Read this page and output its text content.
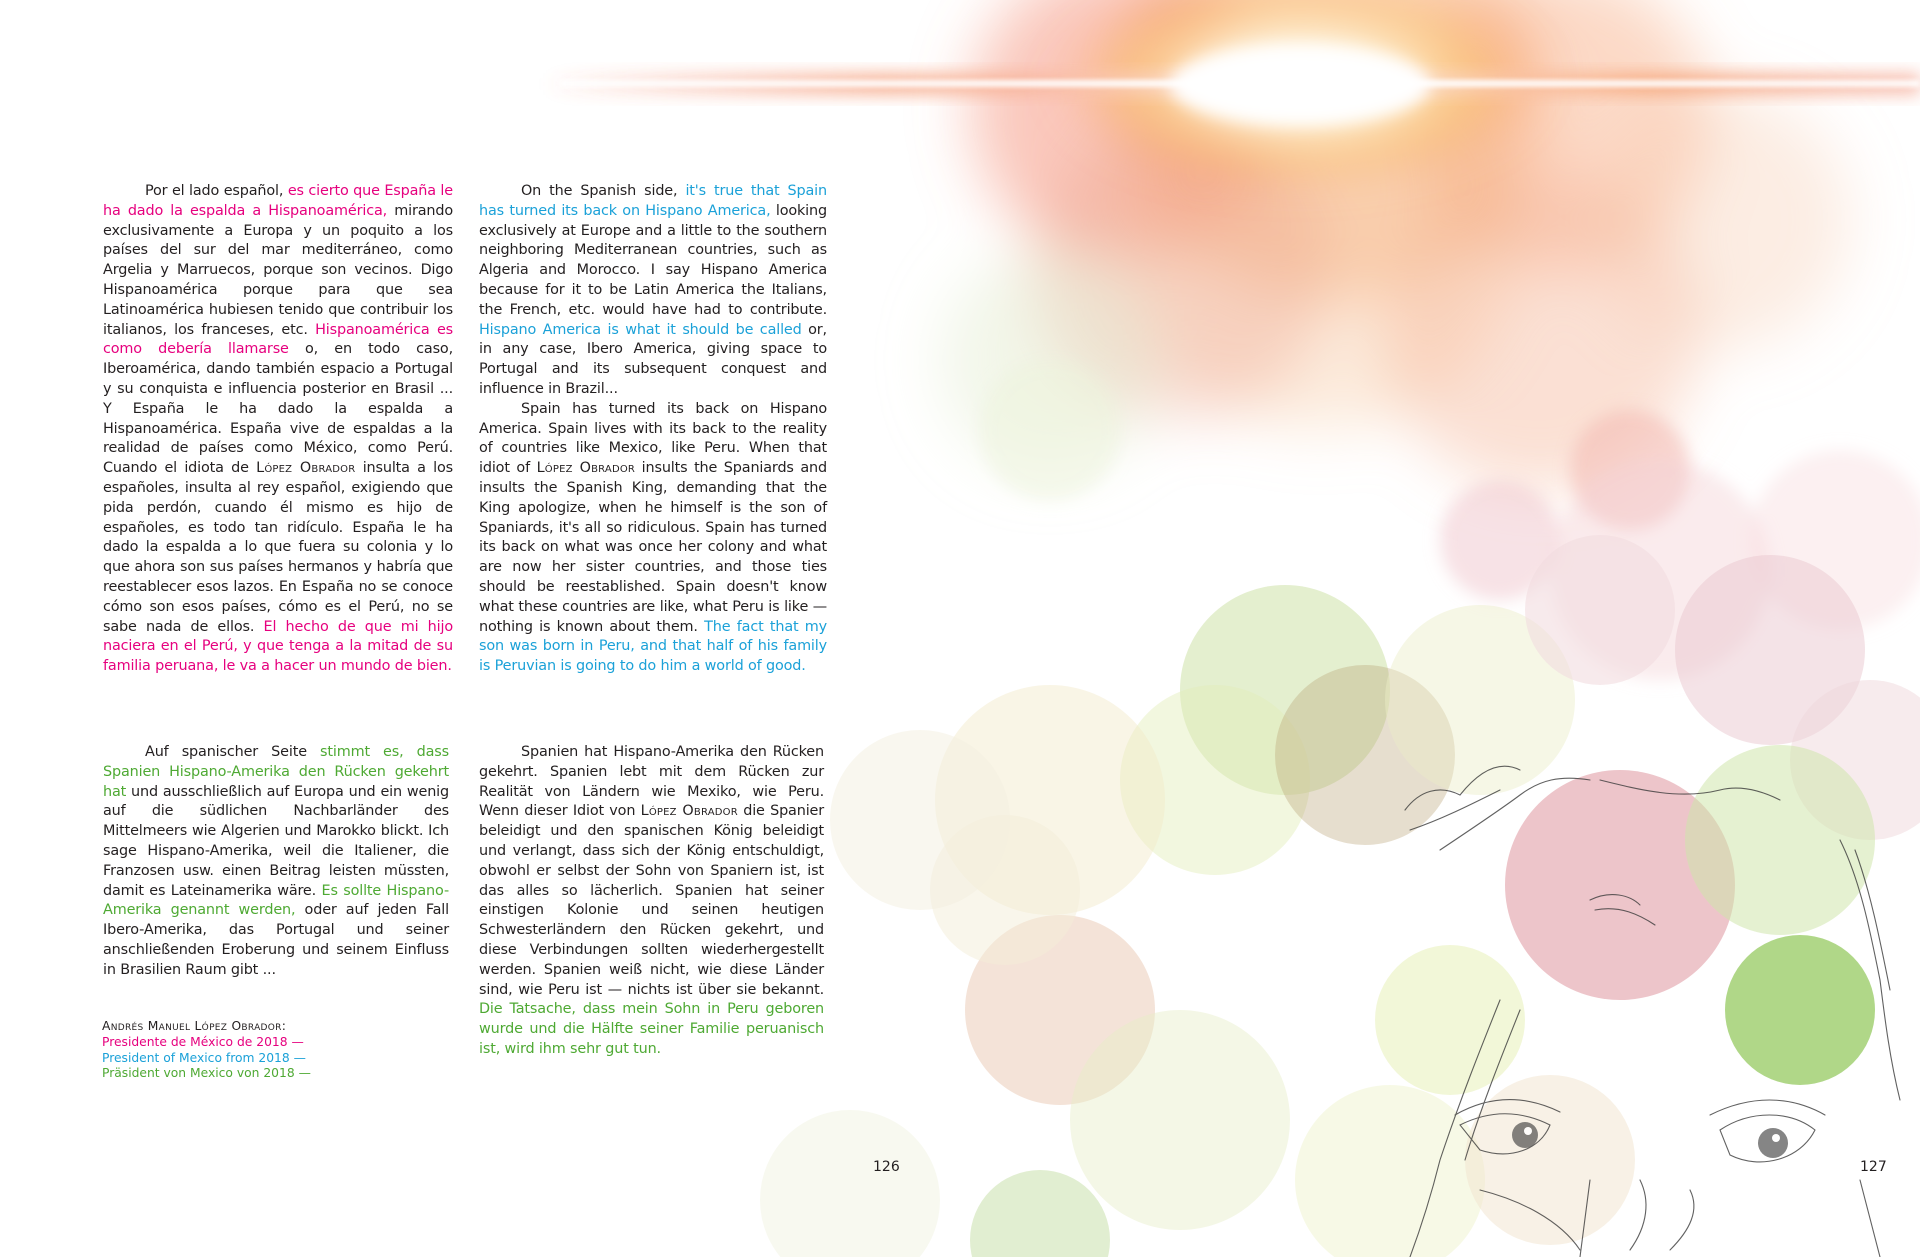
Por el lado español, es cierto que España le ha dado la espalda a Hispanoamérica, mirando exclusivamente a Europa y un poquito a los países del sur del mar mediterráneo, como Argelia y Marruecos, porque son vecinos. Digo Hispanoamérica porque para que sea Latinoamérica hubiesen tenido que contribuir los italianos, los franceses, etc. Hispanoamérica es como debería llamarse o, en todo caso, Iberoamérica, dando también espacio a Portugal y su conquista e influencia posterior en Brasil ... Y España le ha dado la espalda a Hispanoamérica. España vive de espaldas a la realidad de países como México, como Perú. Cuando el idiota de López Obrador insulta a los españoles, insulta al rey español, exigiendo que pida perdón, cuando él mismo es hijo de españoles, es todo tan ridículo. España le ha dado la espalda a lo que fuera su colonia y lo que ahora son sus países hermanos y habría que reestablecer esos lazos. En España no se conoce cómo son esos países, cómo es el Perú, no se sabe nada de ellos. El hecho de que mi hijo naciera en el Perú, y que tenga a la mitad de su familia peruana, le va a hacer un mundo de bien.

On the Spanish side, it's true that Spain has turned its back on Hispano America, looking exclusively at Europe and a little to the southern neighboring Mediterranean countries, such as Algeria and Morocco. I say Hispano America because for it to be Latin America the Italians, the French, etc. would have had to contribute. Hispano America is what it should be called or, in any case, Ibero America, giving space to Portugal and its subsequent conquest and influence in Brazil...

Spain has turned its back on Hispano America. Spain lives with its back to the reality of countries like Mexico, like Peru. When that idiot of López Obrador insults the Spaniards and insults the Spanish King, demanding that the King apologize, when he himself is the son of Spaniards, it's all so ridiculous. Spain has turned its back on what was once her colony and what are now her sister countries, and those ties should be reestablished. Spain doesn't know what these countries are like, what Peru is like — nothing is known about them. The fact that my son was born in Peru, and that half of his family is Peruvian is going to do him a world of good.

Auf spanischer Seite stimmt es, dass Spanien Hispano-Amerika den Rücken gekehrt hat und ausschließlich auf Europa und ein wenig auf die südlichen Nachbarländer des Mittelmeers wie Algerien und Marokko blickt. Ich sage Hispano-Amerika, weil die Italiener, die Franzosen usw. einen Beitrag leisten müssten, damit es Lateinamerika wäre. Es sollte Hispano-Amerika genannt werden, oder auf jeden Fall Ibero-Amerika, das Portugal und seiner anschließenden Eroberung und seinem Einfluss in Brasilien Raum gibt ...

Spanien hat Hispano-Amerika den Rücken gekehrt. Spanien lebt mit dem Rücken zur Realität von Ländern wie Mexiko, wie Peru. Wenn dieser Idiot von López Obrador die Spanier beleidigt und den spanischen König beleidigt und verlangt, dass sich der König entschuldigt, obwohl er selbst der Sohn von Spaniern ist, ist das alles so lächerlich. Spanien hat seiner einstigen Kolonie und seinen heutigen Schwesterländern den Rücken gekehrt, und diese Verbindungen sollten wiederhergestellt werden. Spanien weiß nicht, wie diese Länder sind, wie Peru ist — nichts ist über sie bekannt. Die Tatsache, dass mein Sohn in Peru geboren wurde und die Hälfte seiner Familie peruanisch ist, wird ihm sehr gut tun.

Andrés Manuel López Obrador:
Presidente de México de 2018 —
President of Mexico from 2018 —
Präsident von Mexico von 2018 —
126	127
